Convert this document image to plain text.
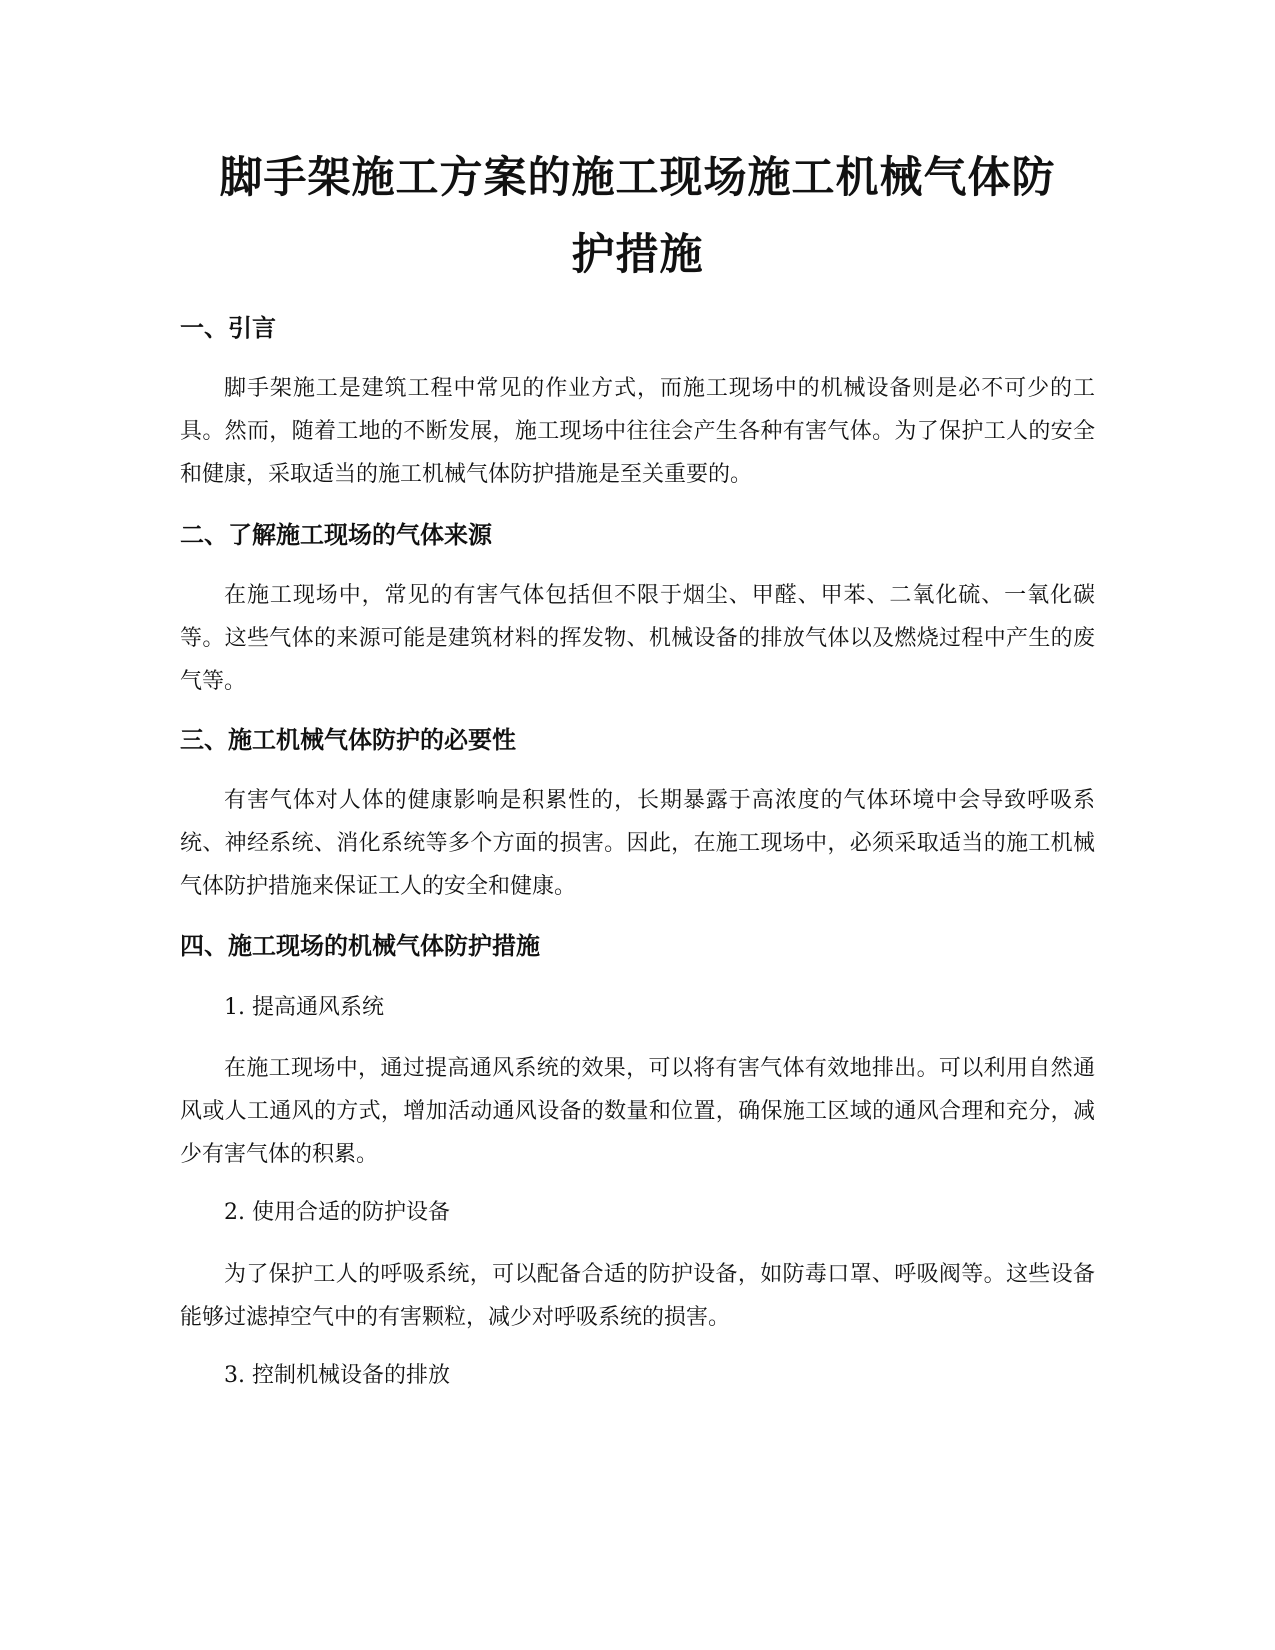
脚手架施工方案的施工现场施工机械气体防
护措施
一、引言

脚手架施工是建筑工程中常见的作业方式，而施工现场中的机械设备则是必不可少的工具。然而，随着工地的不断发展，施工现场中往往会产生各种有害气体。为了保护工人的安全和健康，采取适当的施工机械气体防护措施是至关重要的。

二、了解施工现场的气体来源

在施工现场中，常见的有害气体包括但不限于烟尘、甲醛、甲苯、二氧化硫、一氧化碳等。这些气体的来源可能是建筑材料的挥发物、机械设备的排放气体以及燃烧过程中产生的废气等。

三、施工机械气体防护的必要性

有害气体对人体的健康影响是积累性的，长期暴露于高浓度的气体环境中会导致呼吸系统、神经系统、消化系统等多个方面的损害。因此，在施工现场中，必须采取适当的施工机械气体防护措施来保证工人的安全和健康。

四、施工现场的机械气体防护措施

1. 提高通风系统

在施工现场中，通过提高通风系统的效果，可以将有害气体有效地排出。可以利用自然通风或人工通风的方式，增加活动通风设备的数量和位置，确保施工区域的通风合理和充分，减少有害气体的积累。

2. 使用合适的防护设备

为了保护工人的呼吸系统，可以配备合适的防护设备，如防毒口罩、呼吸阀等。这些设备能够过滤掉空气中的有害颗粒，减少对呼吸系统的损害。

3. 控制机械设备的排放
